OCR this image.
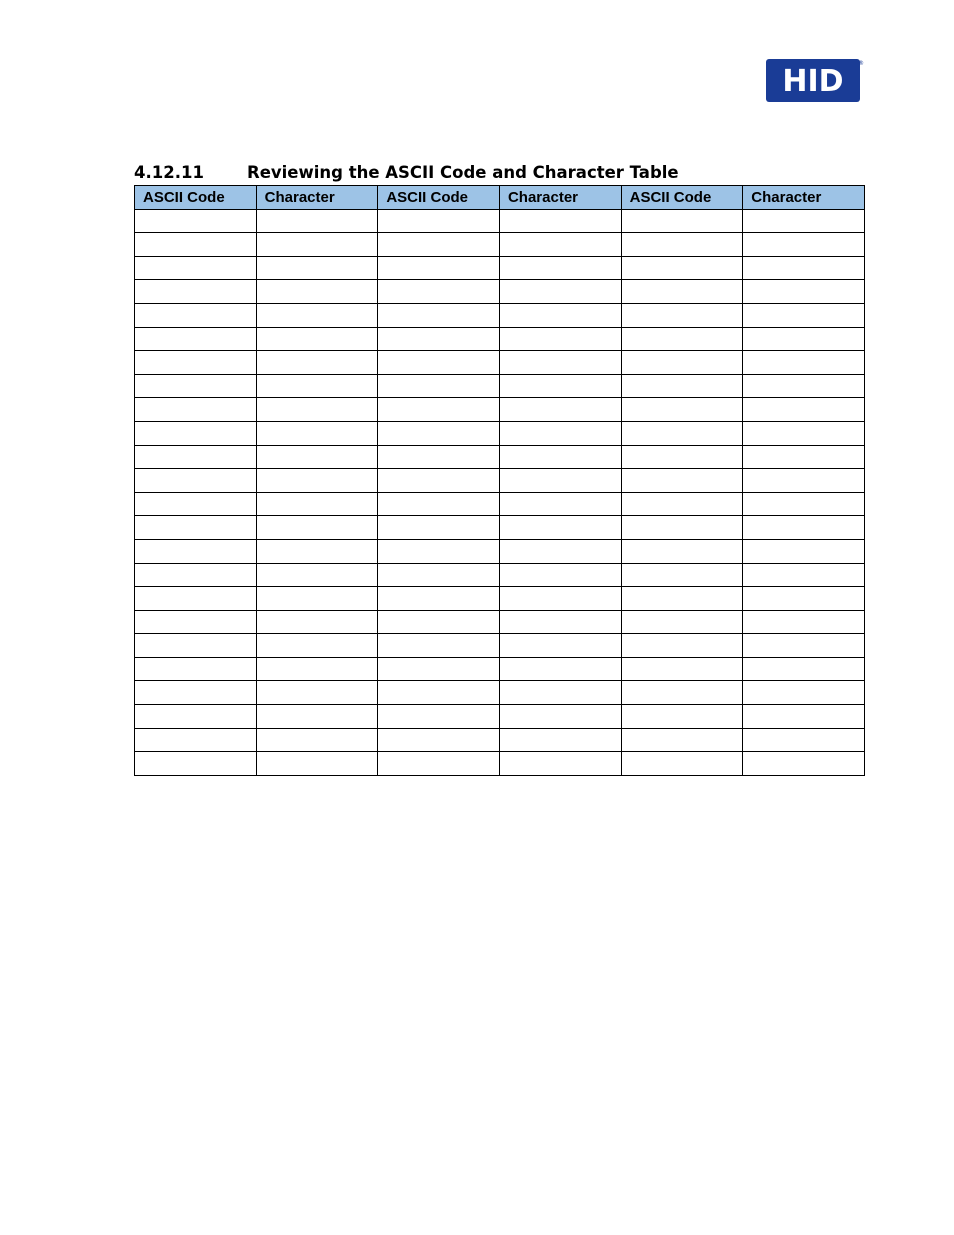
HID
®
4.12.11	Reviewing the ASCII Code and Character Table
ASCII Code	Character	ASCII Code	Character	ASCII Code	Character
